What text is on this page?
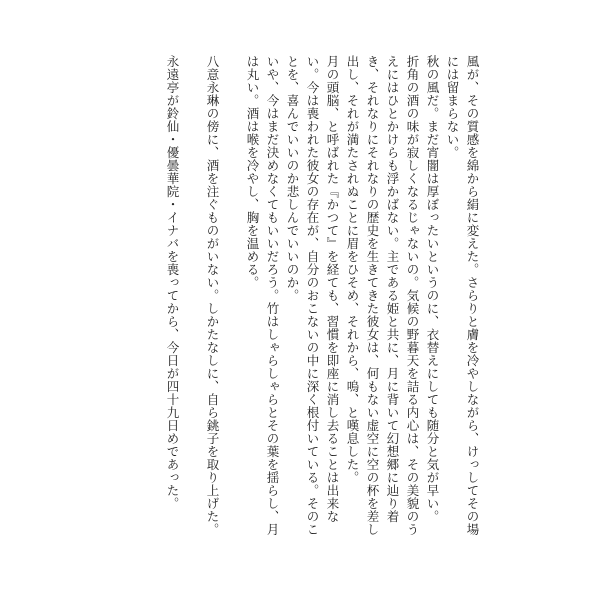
風が、その質感を綿から絹に変えた。さらりと膚を冷やしながら、けっしてその場には留まらない。

秋の風だ。まだ宵闇は厚ぼったいというのに、衣替えにしても随分と気が早い。

折角の酒の味が寂しくなるじゃないの。気候の野暮天を詰る内心は、その美貌のうえにはひとかけらも浮かばない。主である姫と共に、月に背いて幻想郷に辿り着き、それなりにそれなりの歴史を生きてきた彼女は、何もない虚空に空の杯を差し出し、それが満たされぬことに眉をひそめ、それから、嗚、と嘆息した。

月の頭脳、と呼ばれた『かつて』を経ても、習慣を即座に消し去ることは出来ない。今は喪われた彼女の存在が、自分のおこないの中に深く根付いている。そのことを、喜んでいいのか悲しんでいいのか。

いや、今はまだ決めなくてもいいだろう。竹はしゃらしゃらとその葉を揺らし、月は丸い。酒は喉を冷やし、胸を温める。

八意永琳の傍に、酒を注ぐものがいない。しかたなしに、自ら銚子を取り上げた。

永遠亭が鈴仙・優曇華院・イナバを喪ってから、今日が四十九日めであった。
